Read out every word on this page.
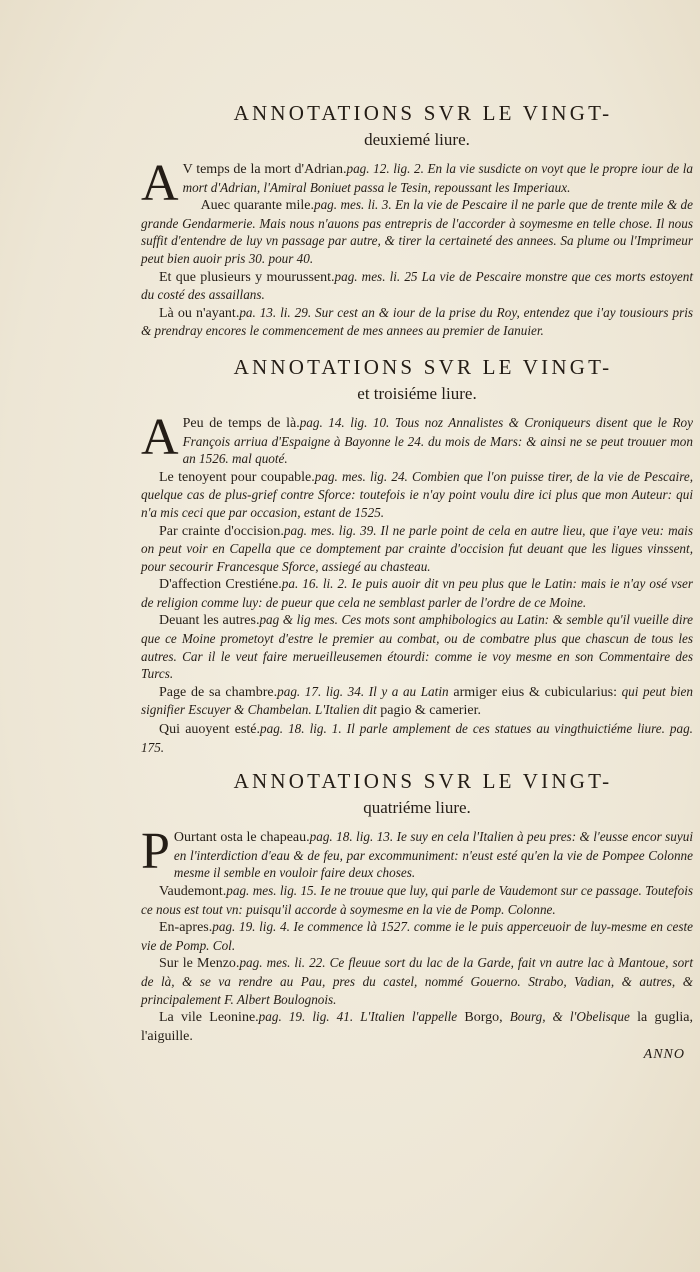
ANNOTATIONS SVR LE VINGT-
deuxiemé liure.

A V temps de la mort d'Adrian.pag. 12. lig. 2. En la vie susdicte on voyt que le propre iour de la mort d'Adrian, l'Amiral Boniuet passa le Tesin, repoussant les Imperiaux.

Auec quarante mile.pag. mes. li. 3. En la vie de Pescaire il ne parle que de trente mile & de grande Gendarmerie. Mais nous n'auons pas entrepris de l'accorder à soymesme en telle chose. Il nous suffit d'entendre de luy vn passage par autre, & tirer la certaineté des annees. Sa plume ou l'Imprimeur peut bien auoir pris 30. pour 40.

Et que plusieurs y mourussent.pag. mes. li. 25 La vie de Pescaire monstre que ces morts estoyent du costé des assaillans.

Là ou n'ayant.pa. 13. li. 29. Sur cest an & iour de la prise du Roy, entendez que i'ay tousiours pris & prendray encores le commencement de mes annees au premier de Ianuier.

ANNOTATIONS SVR LE VINGT-
et troisiéme liure.

A Peu de temps de là.pag. 14. lig. 10. Tous noz Annalistes & Croniqueurs disent que le Roy François arriua d'Espaigne à Bayonne le 24. du mois de Mars: & ainsi ne se peut trouuer mon an 1526. mal quoté.

Le tenoyent pour coupable.pag. mes. lig. 24. Combien que l'on puisse tirer, de la vie de Pescaire, quelque cas de plus-grief contre Sforce: toutefois ie n'ay point voulu dire ici plus que mon Auteur: qui n'a mis ceci que par occasion, estant de 1525.

Par crainte d'occision.pag. mes. lig. 39. Il ne parle point de cela en autre lieu, que i'aye veu: mais on peut voir en Capella que ce domptement par crainte d'occision fut deuant que les ligues vinssent, pour secourir Francesque Sforce, assiegé au chasteau.

D'affection Crestiéne.pa. 16. li. 2. Ie puis auoir dit vn peu plus que le Latin: mais ie n'ay osé vser de religion comme luy: de pueur que cela ne semblast parler de l'ordre de ce Moine.

Deuant les autres.pag & lig mes. Ces mots sont amphibologics au Latin: & semble qu'il vueille dire que ce Moine prometoyt d'estre le premier au combat, ou de combatre plus que chascun de tous les autres. Car il le veut faire merueilleusemen étourdi: comme ie voy mesme en son Commentaire des Turcs.

Page de sa chambre.pag. 17. lig. 34. Il y a au Latin armiger eius & cubicularius: qui peut bien signifier Escuyer & Chambelan. L'Italien dit pagio & camerier.

Qui auoyent esté.pag. 18. lig. 1. Il parle amplement de ces statues au vingthuictiéme liure. pag. 175.

ANNOTATIONS SVR LE VINGT-
quatriéme liure.

P Ourtant osta le chapeau.pag. 18. lig. 13. Ie suy en cela l'Italien à peu pres: & l'eusse encor suyui en l'interdiction d'eau & de feu, par excommuniment: n'eust esté qu'en la vie de Pompee Colonne mesme il semble en vouloir faire deux choses.

Vaudemont.pag. mes. lig. 15. Ie ne trouue que luy, qui parle de Vaudemont sur ce passage. Toutefois ce nous est tout vn: puisqu'il accorde à soymesme en la vie de Pomp. Colonne.

En-apres.pag. 19. lig. 4. Ie commence là 1527. comme ie le puis apperceuoir de luy-mesme en ceste vie de Pomp. Col.

Sur le Menzo.pag. mes. li. 22. Ce fleuue sort du lac de la Garde, fait vn autre lac à Mantoue, sort de là, & se va rendre au Pau, pres du castel, nommé Gouerno. Strabo, Vadian, & autres, & principalement F. Albert Boulognois.

La vile Leonine.pag. 19. lig. 41. L'Italien l'appelle Borgo, Bourg, & l'Obelisque la guglia, l'aiguille.

ANNO
